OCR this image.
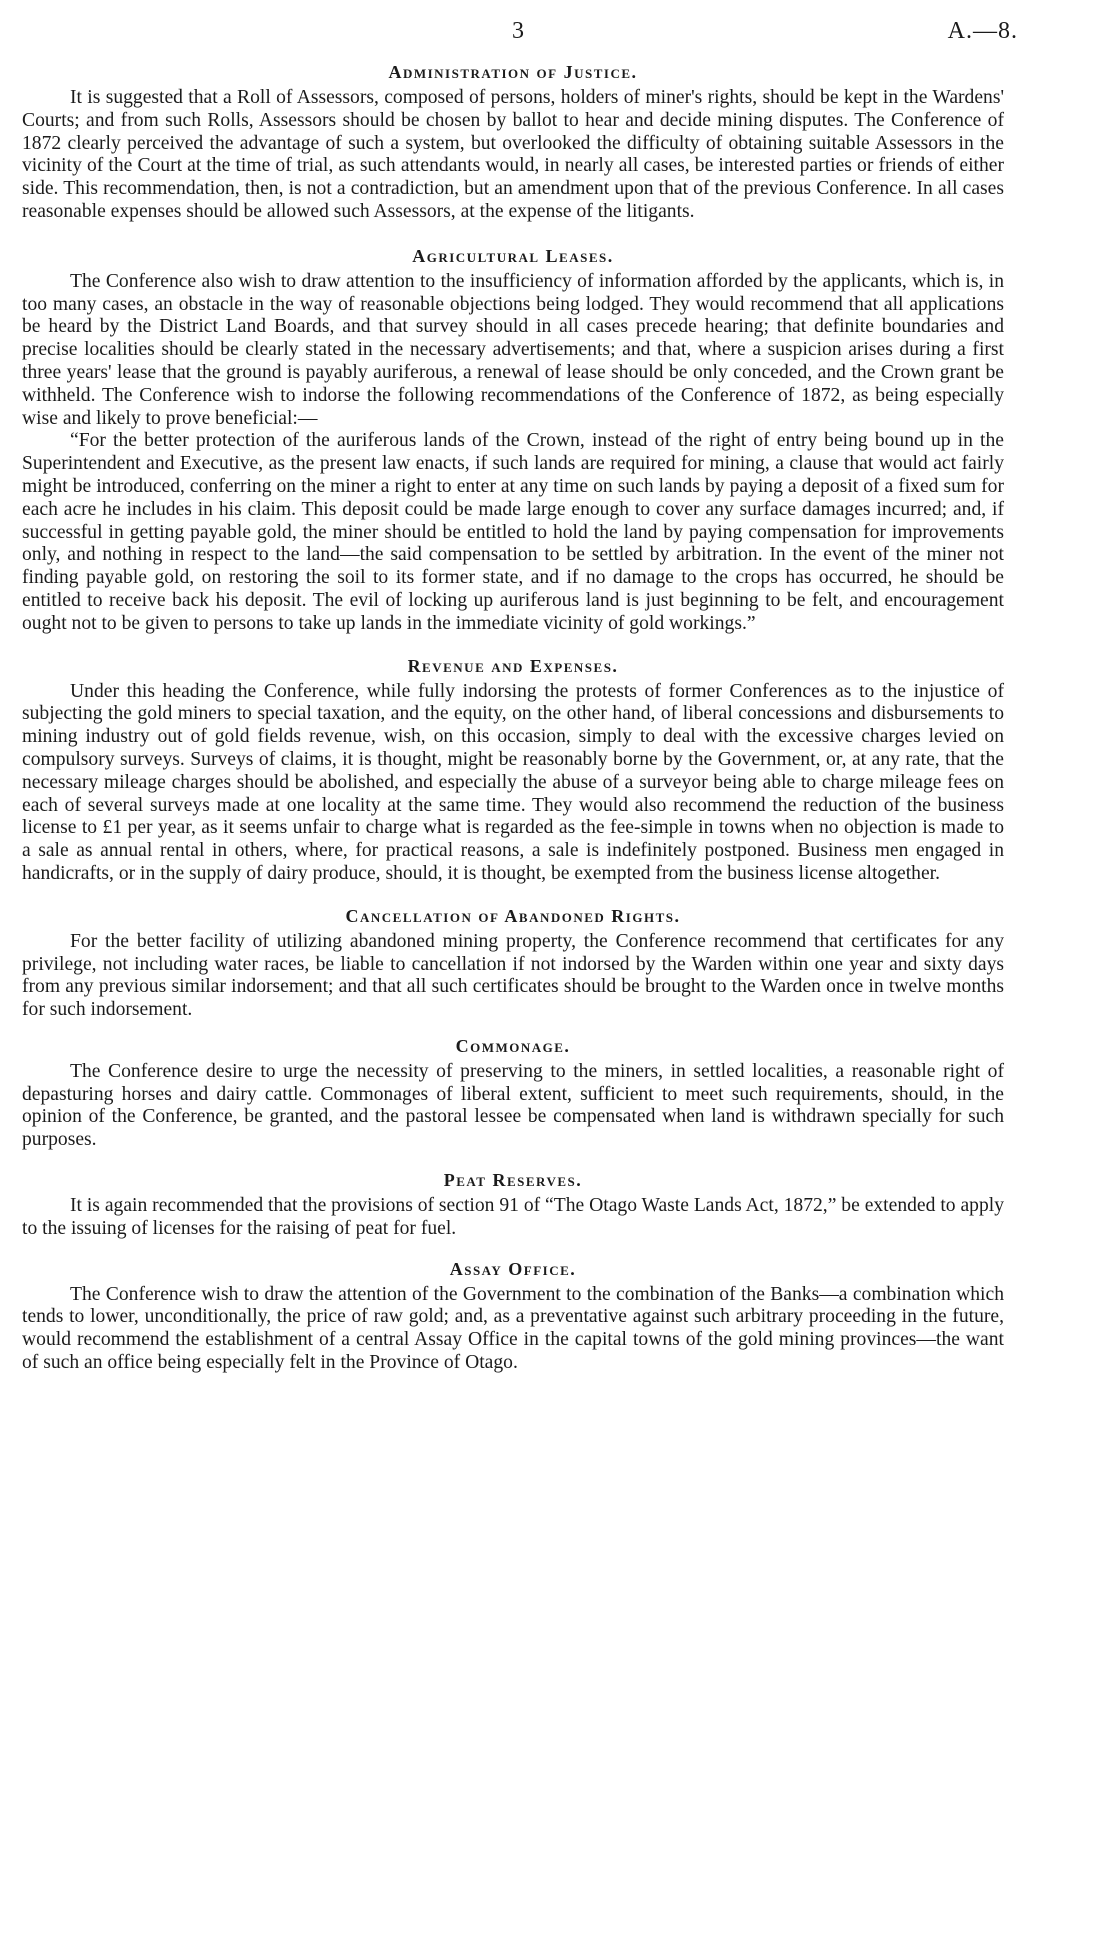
3	A.—8.
Administration of Justice.

It is suggested that a Roll of Assessors, composed of persons, holders of miner's rights, should be kept in the Wardens' Courts; and from such Rolls, Assessors should be chosen by ballot to hear and decide mining disputes. The Conference of 1872 clearly perceived the advantage of such a system, but overlooked the difficulty of obtaining suitable Assessors in the vicinity of the Court at the time of trial, as such attendants would, in nearly all cases, be interested parties or friends of either side. This recommendation, then, is not a contradiction, but an amendment upon that of the previous Conference. In all cases reasonable expenses should be allowed such Assessors, at the expense of the litigants.

Agricultural Leases.

The Conference also wish to draw attention to the insufficiency of information afforded by the applicants, which is, in too many cases, an obstacle in the way of reasonable objections being lodged. They would recommend that all applications be heard by the District Land Boards, and that survey should in all cases precede hearing; that definite boundaries and precise localities should be clearly stated in the necessary advertisements; and that, where a suspicion arises during a first three years' lease that the ground is payably auriferous, a renewal of lease should be only conceded, and the Crown grant be withheld. The Conference wish to indorse the following recommendations of the Conference of 1872, as being especially wise and likely to prove beneficial:—

“For the better protection of the auriferous lands of the Crown, instead of the right of entry being bound up in the Superintendent and Executive, as the present law enacts, if such lands are required for mining, a clause that would act fairly might be introduced, conferring on the miner a right to enter at any time on such lands by paying a deposit of a fixed sum for each acre he includes in his claim. This deposit could be made large enough to cover any surface damages incurred; and, if successful in getting payable gold, the miner should be entitled to hold the land by paying compensation for improvements only, and nothing in respect to the land—the said compensation to be settled by arbitration. In the event of the miner not finding payable gold, on restoring the soil to its former state, and if no damage to the crops has occurred, he should be entitled to receive back his deposit. The evil of locking up auriferous land is just beginning to be felt, and encouragement ought not to be given to persons to take up lands in the immediate vicinity of gold workings.”

Revenue and Expenses.

Under this heading the Conference, while fully indorsing the protests of former Conferences as to the injustice of subjecting the gold miners to special taxation, and the equity, on the other hand, of liberal concessions and disbursements to mining industry out of gold fields revenue, wish, on this occasion, simply to deal with the excessive charges levied on compulsory surveys. Surveys of claims, it is thought, might be reasonably borne by the Government, or, at any rate, that the necessary mileage charges should be abolished, and especially the abuse of a surveyor being able to charge mileage fees on each of several surveys made at one locality at the same time. They would also recommend the reduction of the business license to £1 per year, as it seems unfair to charge what is regarded as the fee-simple in towns when no objection is made to a sale as annual rental in others, where, for practical reasons, a sale is indefinitely postponed. Business men engaged in handicrafts, or in the supply of dairy produce, should, it is thought, be exempted from the business license altogether.

Cancellation of Abandoned Rights.

For the better facility of utilizing abandoned mining property, the Conference recommend that certificates for any privilege, not including water races, be liable to cancellation if not indorsed by the Warden within one year and sixty days from any previous similar indorsement; and that all such certificates should be brought to the Warden once in twelve months for such indorsement.

Commonage.

The Conference desire to urge the necessity of preserving to the miners, in settled localities, a reasonable right of depasturing horses and dairy cattle. Commonages of liberal extent, sufficient to meet such requirements, should, in the opinion of the Conference, be granted, and the pastoral lessee be compensated when land is withdrawn specially for such purposes.

Peat Reserves.

It is again recommended that the provisions of section 91 of “The Otago Waste Lands Act, 1872,” be extended to apply to the issuing of licenses for the raising of peat for fuel.

Assay Office.

The Conference wish to draw the attention of the Government to the combination of the Banks—a combination which tends to lower, unconditionally, the price of raw gold; and, as a preventative against such arbitrary proceeding in the future, would recommend the establishment of a central Assay Office in the capital towns of the gold mining provinces—the want of such an office being especially felt in the Province of Otago.
